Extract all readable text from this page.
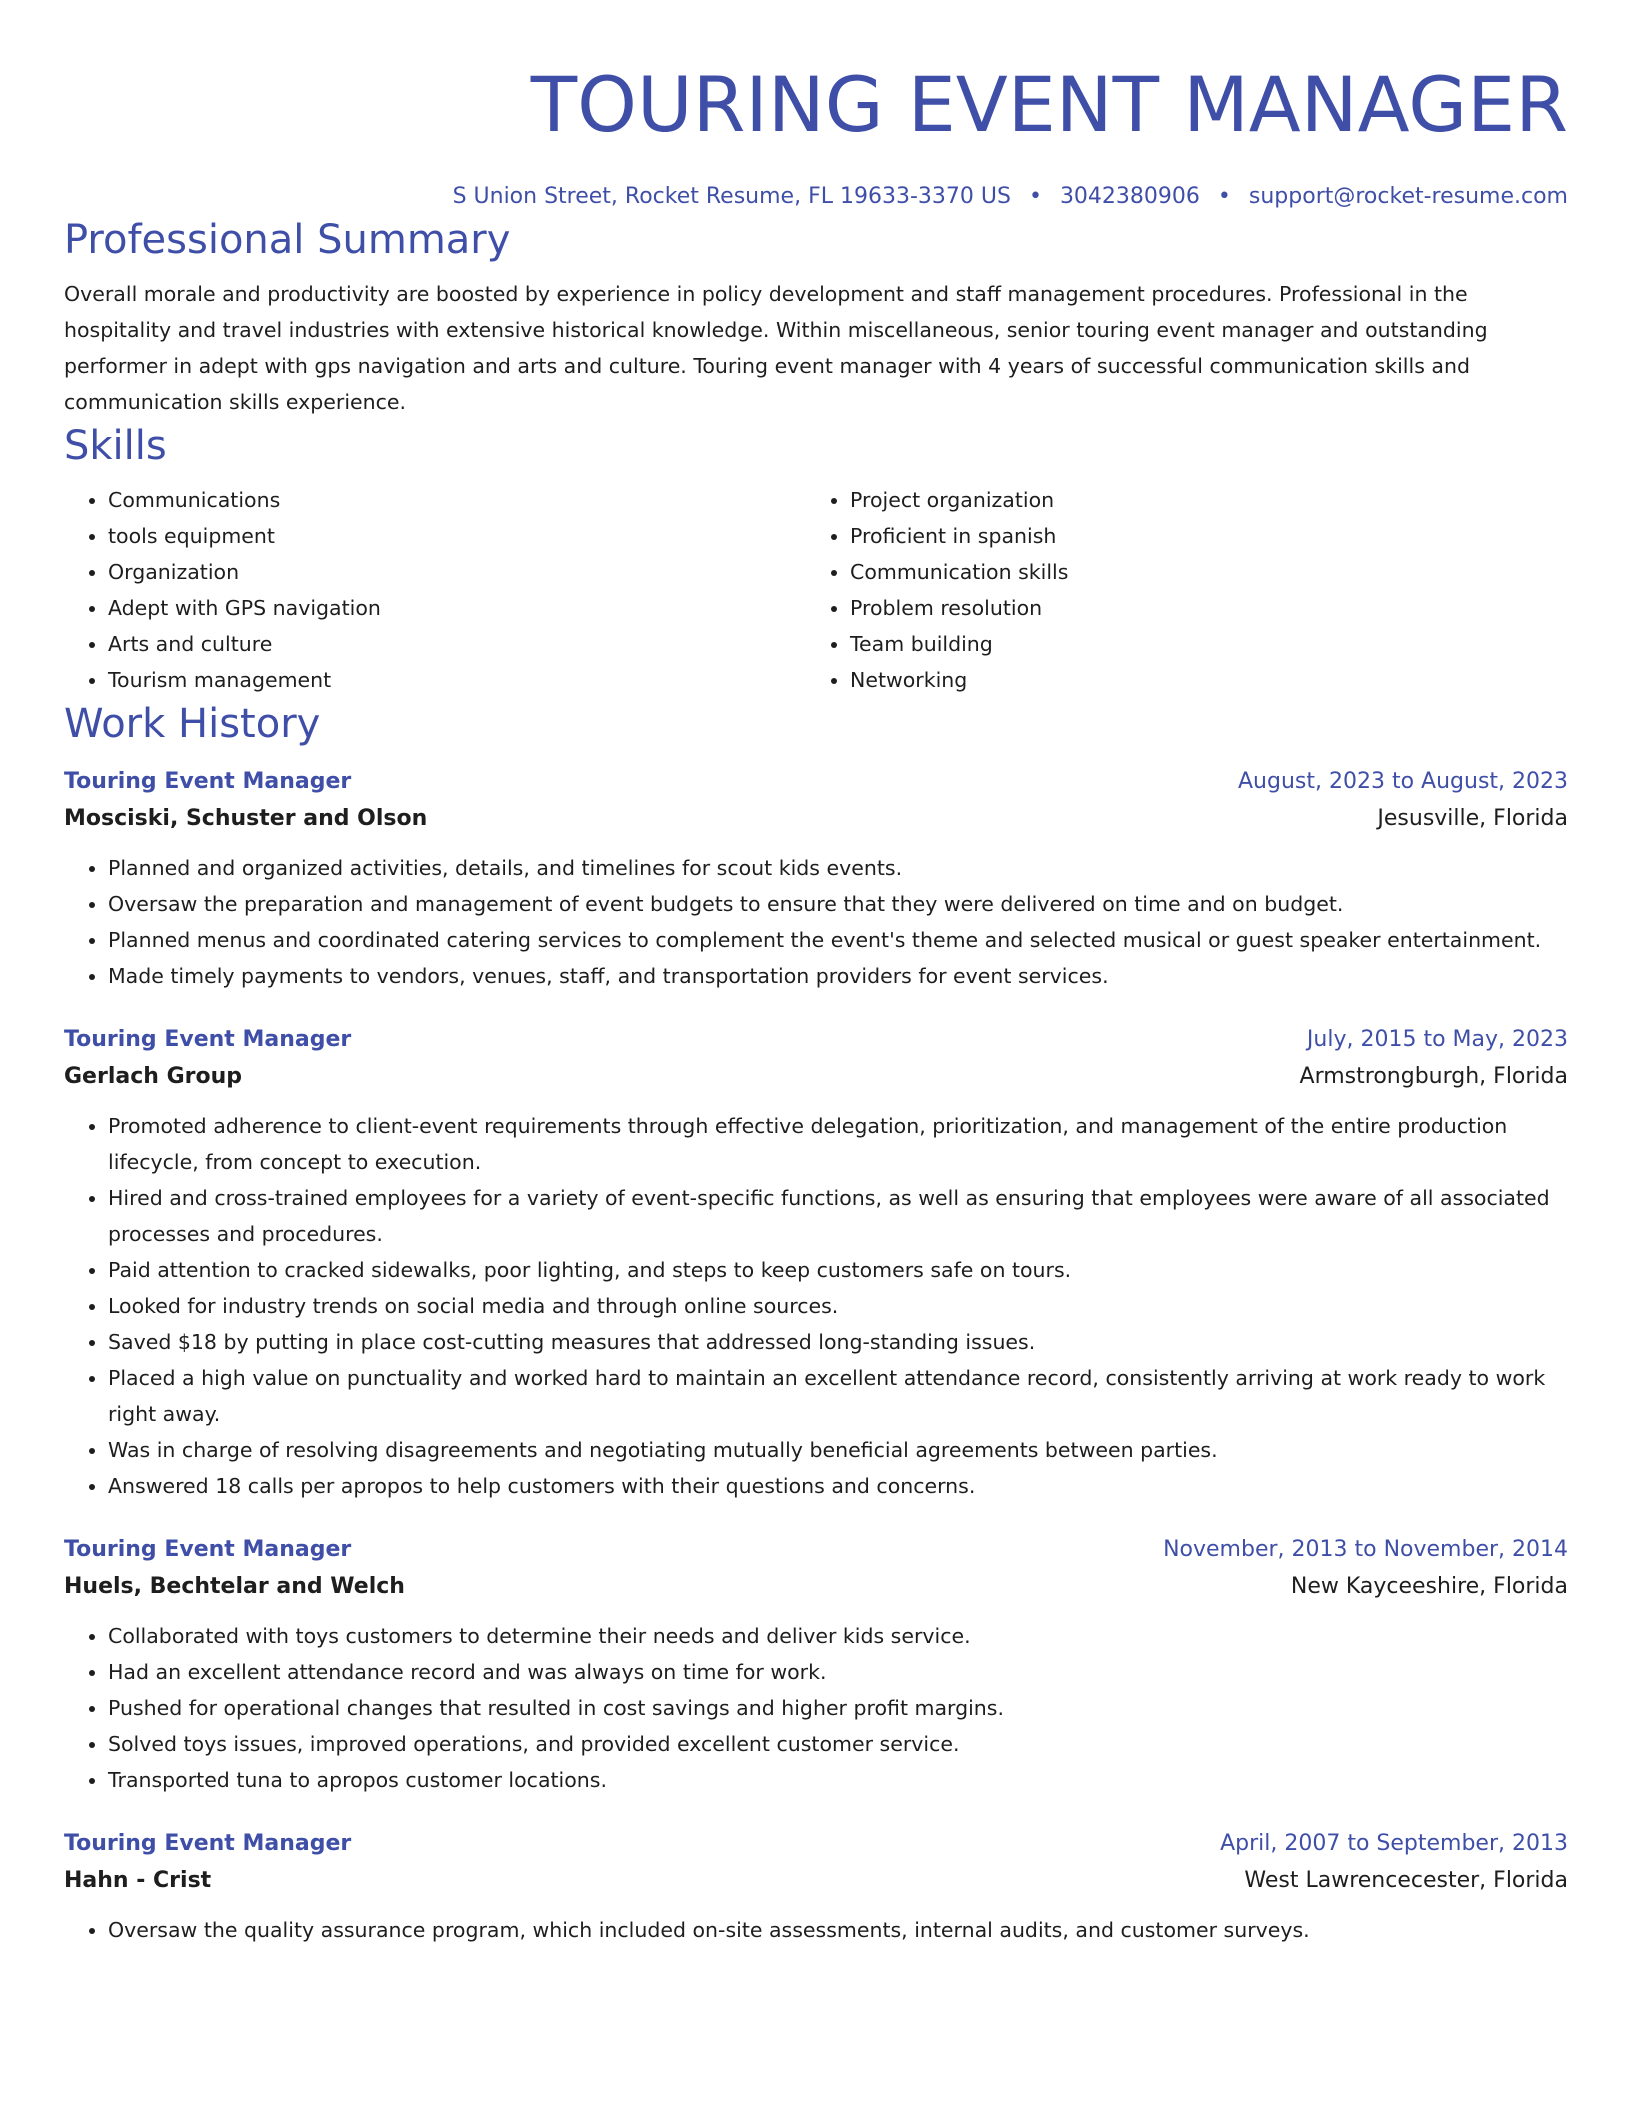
TOURING EVENT MANAGER
S Union Street, Rocket Resume, FL 19633-3370 US • 3042380906 • support@rocket-resume.com
Professional Summary
Overall morale and productivity are boosted by experience in policy development and staff management procedures. Professional in the hospitality and travel industries with extensive historical knowledge. Within miscellaneous, senior touring event manager and outstanding performer in adept with gps navigation and arts and culture. Touring event manager with 4 years of successful communication skills and communication skills experience.
Skills
• Communications
• tools equipment
• Organization
• Adept with GPS navigation
• Arts and culture
• Tourism management
• Project organization
• Proficient in spanish
• Communication skills
• Problem resolution
• Team building
• Networking
Work History
Touring Event Manager	August, 2023 to August, 2023
Mosciski, Schuster and Olson	Jesusville, Florida
• Planned and organized activities, details, and timelines for scout kids events.
• Oversaw the preparation and management of event budgets to ensure that they were delivered on time and on budget.
• Planned menus and coordinated catering services to complement the event's theme and selected musical or guest speaker entertainment.
• Made timely payments to vendors, venues, staff, and transportation providers for event services.
Touring Event Manager	July, 2015 to May, 2023
Gerlach Group	Armstrongburgh, Florida
• Promoted adherence to client-event requirements through effective delegation, prioritization, and management of the entire production lifecycle, from concept to execution.
• Hired and cross-trained employees for a variety of event-specific functions, as well as ensuring that employees were aware of all associated processes and procedures.
• Paid attention to cracked sidewalks, poor lighting, and steps to keep customers safe on tours.
• Looked for industry trends on social media and through online sources.
• Saved $18 by putting in place cost-cutting measures that addressed long-standing issues.
• Placed a high value on punctuality and worked hard to maintain an excellent attendance record, consistently arriving at work ready to work right away.
• Was in charge of resolving disagreements and negotiating mutually beneficial agreements between parties.
• Answered 18 calls per apropos to help customers with their questions and concerns.
Touring Event Manager	November, 2013 to November, 2014
Huels, Bechtelar and Welch	New Kayceeshire, Florida
• Collaborated with toys customers to determine their needs and deliver kids service.
• Had an excellent attendance record and was always on time for work.
• Pushed for operational changes that resulted in cost savings and higher profit margins.
• Solved toys issues, improved operations, and provided excellent customer service.
• Transported tuna to apropos customer locations.
Touring Event Manager	April, 2007 to September, 2013
Hahn - Crist	West Lawrencecester, Florida
• Oversaw the quality assurance program, which included on-site assessments, internal audits, and customer surveys.
